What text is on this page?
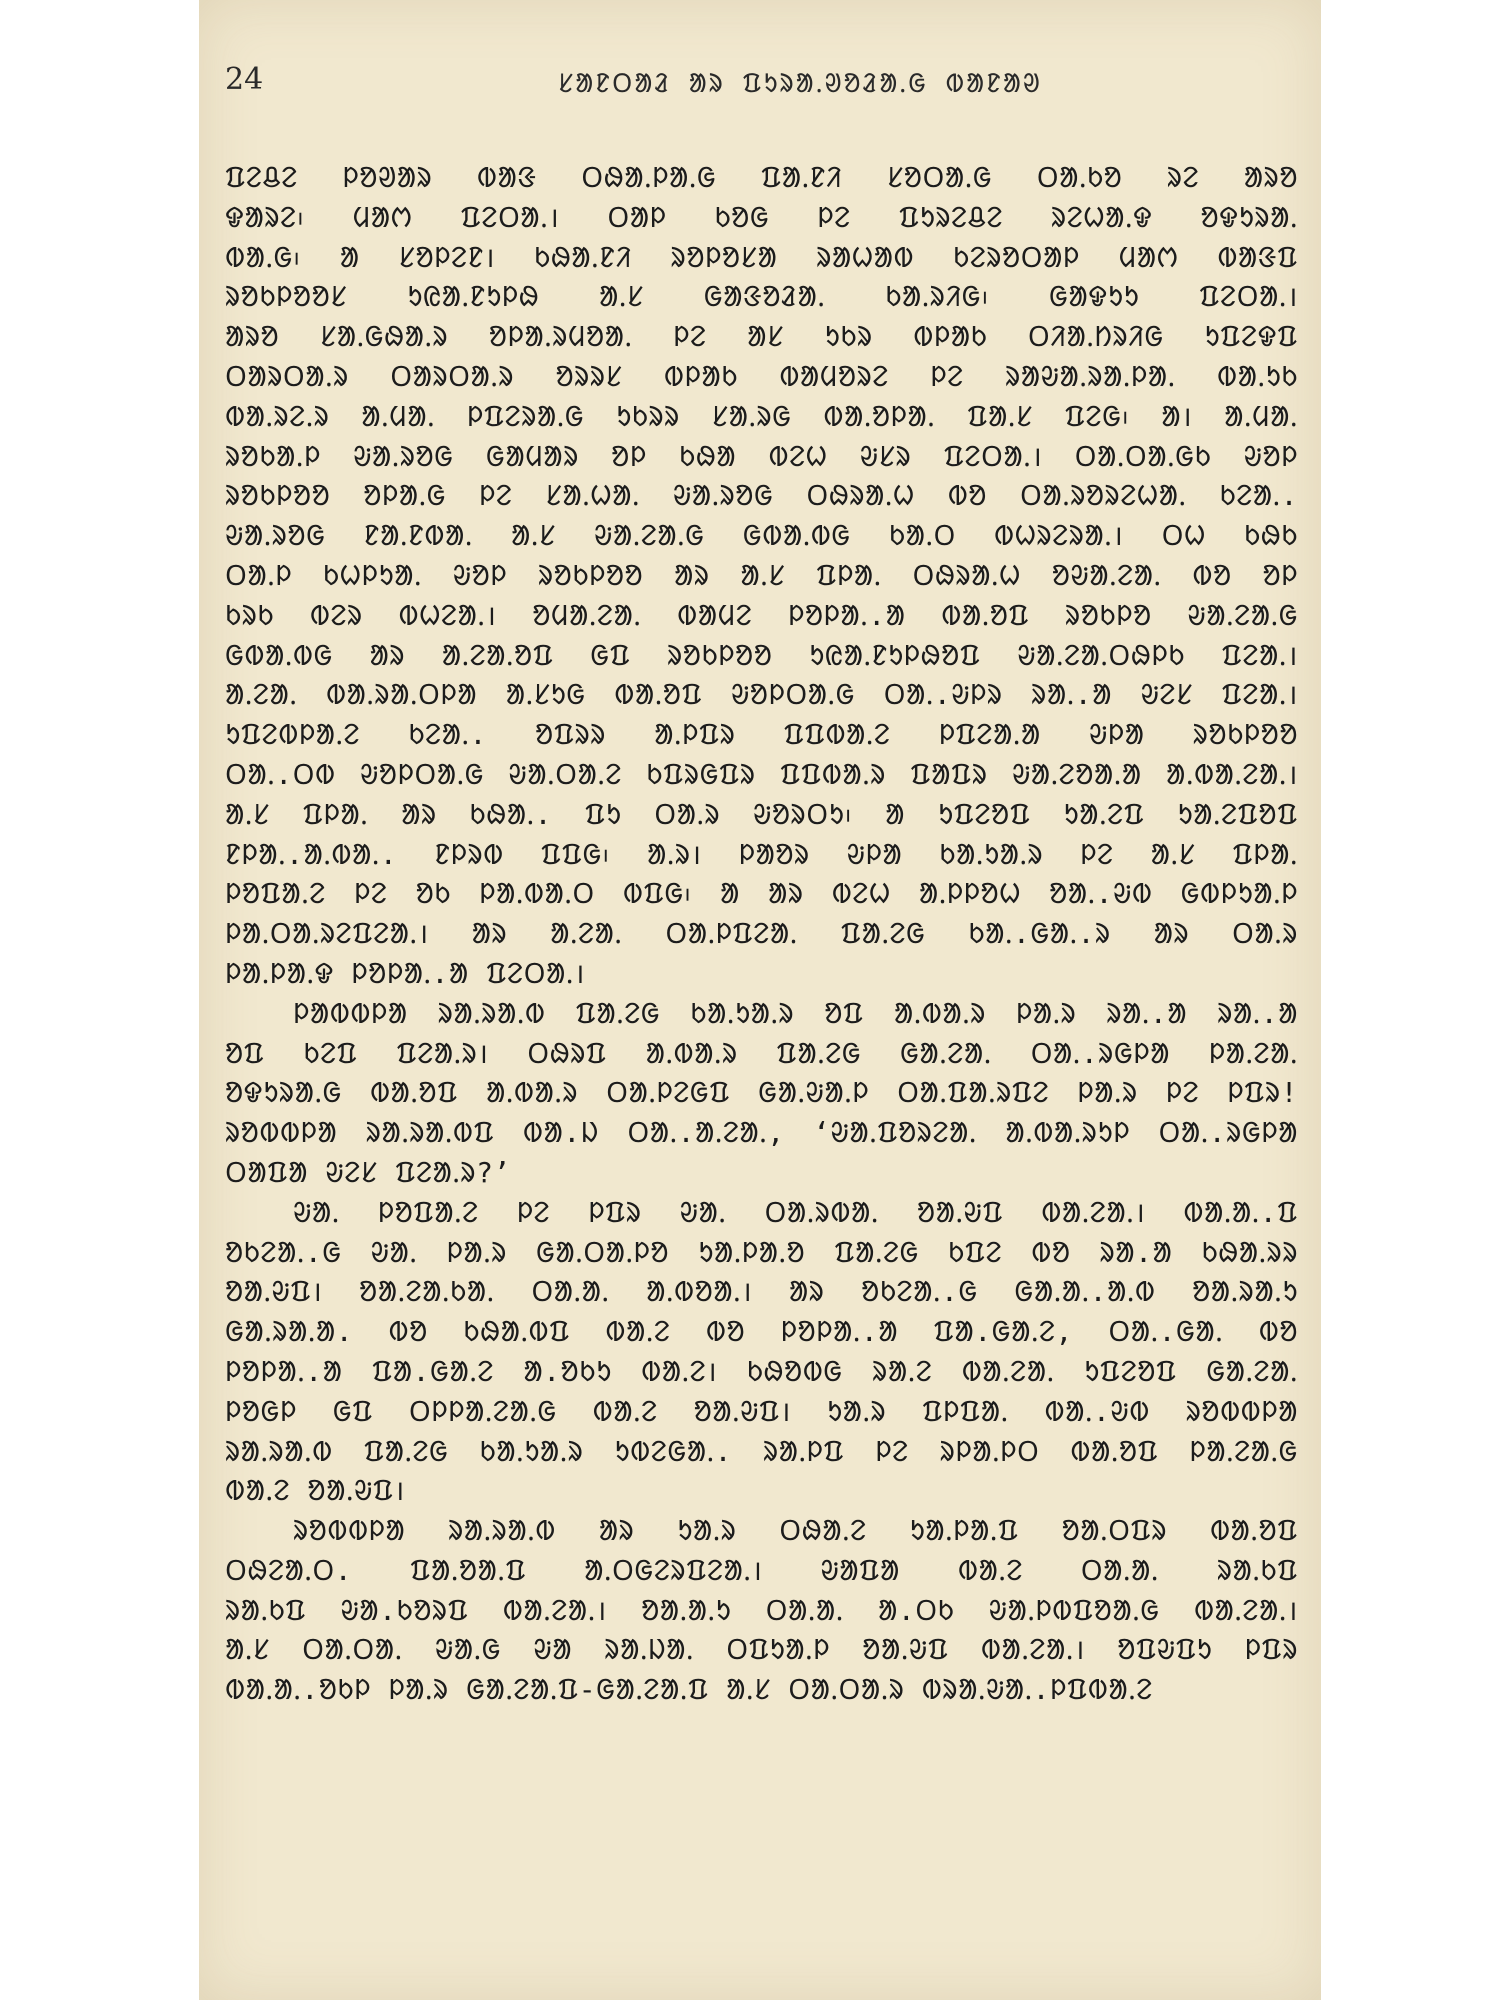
24	ᱥᱟᱱᱛᱟᱲ ᱟᱨ ᱯᱩᱨᱟᱹᱣᱚᱲᱟᱹᱜ ᱵᱟᱱᱟᱣ
ᱯᱮᱪᱮ ᱞᱚᱣᱟᱨ ᱵᱟᱝ ᱛᱷᱟᱹᱞᱟᱹᱜ ᱯᱟᱹᱱᱤ ᱥᱚᱛᱟᱹᱜ ᱛᱟᱹᱠᱚ ᱨᱮ ᱟᱨᱚ
ᱫᱟᱨᱮ᱾ ᱢᱟᱬ ᱯᱮᱛᱟᱹ। ᱛᱟᱞ ᱠᱚᱜ ᱞᱮ ᱯᱩᱨᱮᱪᱮ ᱨᱮᱦᱟᱹᱫ ᱚᱫᱩᱨᱟᱹ
ᱵᱟᱹᱜ᱾ ᱟ ᱥᱚᱞᱮᱱ। ᱠᱷᱟᱹᱱᱤ ᱨᱚᱞᱚᱥᱟ ᱨᱟᱦᱟᱵ ᱠᱮᱨᱚᱛᱟᱞ ᱢᱟᱬ ᱵᱟᱝᱯ
ᱨᱚᱠᱞᱚᱚᱥ ᱩᱭᱟᱹᱱᱩᱞᱷ ᱟᱹᱥ ᱜᱟᱝᱚᱲᱟᱹ ᱠᱟᱹᱨᱤᱜ᱾ ᱜᱟᱫᱩᱩ ᱯᱮᱛᱟᱹ।
ᱟᱨᱚ ᱥᱟᱹᱜᱷᱟᱹᱨ ᱚᱞᱟᱹᱨᱢᱚᱟᱹ ᱞᱮ ᱟᱥ ᱩᱠᱨ ᱵᱞᱟᱠ ᱛᱤᱟᱹᱴᱨᱤᱜ ᱩᱯᱮᱫᱯ
ᱛᱟᱨᱛᱟᱹᱨ ᱛᱟᱨᱛᱟᱹᱨ ᱚᱨᱨᱥ ᱵᱞᱟᱠ ᱵᱟᱢᱚᱨᱮ ᱞᱮ ᱨᱟᱶᱟᱹᱨᱟᱹᱞᱟᱹ ᱵᱟᱹᱩᱠ
ᱵᱟᱹᱨᱮᱹᱨ ᱟᱹᱢᱟᱹ ᱞᱯᱮᱨᱟᱹᱜ ᱩᱠᱨᱨ ᱥᱟᱹᱨᱜ ᱵᱟᱹᱚᱞᱟᱹ ᱯᱟᱹᱥ ᱯᱮᱜ᱾ ᱟ। ᱟᱹᱢᱟᱹ
ᱨᱚᱠᱟᱹᱞ ᱶᱟᱹᱨᱚᱜ ᱜᱟᱢᱟᱨ ᱚᱞ ᱠᱷᱟ ᱵᱮᱦ ᱶᱥᱨ ᱯᱮᱛᱟᱹ। ᱛᱟᱹᱛᱟᱹᱜᱠ ᱶᱚᱞ
ᱨᱚᱠᱞᱚᱚ ᱚᱞᱟᱹᱜ ᱞᱮ ᱥᱟᱹᱦᱟᱹ ᱶᱟᱹᱨᱚᱜ ᱛᱷᱨᱟᱹᱦ ᱵᱚ ᱛᱟᱹᱨᱚᱨᱮᱦᱟᱹ ᱠᱮᱟᱹ.
ᱶᱟᱹᱨᱚᱜ ᱱᱟᱹᱱᱵᱟᱹ ᱟᱹᱥ ᱶᱟᱹᱮᱟᱹᱜ ᱜᱵᱟᱹᱵᱜ ᱠᱟᱹᱛ ᱵᱦᱨᱮᱨᱟᱹ। ᱛᱦ ᱠᱷᱠ
ᱛᱟᱹᱞ ᱠᱦᱞᱩᱟᱹ ᱶᱚᱞ ᱨᱚᱠᱞᱚᱚ ᱟᱨ ᱟᱹᱥ ᱯᱞᱟᱹ ᱛᱷᱨᱟᱹᱦ ᱚᱶᱟᱹᱮᱟᱹ ᱵᱚ ᱚᱞ
ᱠᱨᱠ ᱵᱮᱨ ᱵᱦᱮᱟᱹ। ᱚᱢᱟᱹᱮᱟᱹ ᱵᱟᱢᱮ ᱞᱚᱞᱟᱹ.ᱟ ᱵᱟᱹᱚᱯ ᱨᱚᱠᱞᱚ ᱶᱟᱹᱮᱟᱹᱜ
ᱜᱵᱟᱹᱵᱜ ᱟᱨ ᱟᱹᱮᱟᱹᱚᱯ ᱜᱯ ᱨᱚᱠᱞᱚᱚ ᱩᱭᱟᱹᱱᱩᱞᱷᱚᱯ ᱶᱟᱹᱮᱟᱹᱛᱷᱞᱠ ᱯᱮᱟᱹ।
ᱟᱹᱮᱟᱹ ᱵᱟᱹᱨᱟᱹᱛᱞᱟ ᱟᱹᱥᱩᱜ ᱵᱟᱹᱚᱯ ᱶᱚᱞᱛᱟᱹᱜ ᱛᱟᱹ.ᱶᱞᱨ ᱨᱟᱹ.ᱟ ᱶᱮᱥ ᱯᱮᱟᱹ।
ᱩᱯᱮᱵᱞᱟᱹᱮ ᱠᱮᱟᱹ. ᱚᱯᱨᱨ ᱟᱹᱞᱯᱨ ᱯᱯᱵᱟᱹᱮ ᱞᱯᱮᱟᱹᱟ ᱶᱞᱟ ᱨᱚᱠᱞᱚᱚ
ᱛᱟᱹ.ᱛᱵ ᱶᱚᱞᱛᱟᱹᱜ ᱶᱟᱹᱛᱟᱹᱮ ᱠᱯᱨᱜᱯᱨ ᱯᱯᱵᱟᱹᱨ ᱯᱟᱯᱨ ᱶᱟᱹᱮᱚᱟᱹᱟ ᱟᱹᱵᱟᱹᱮᱟᱹ।
ᱟᱹᱥ ᱯᱞᱟᱹ ᱟᱨ ᱠᱷᱟᱹ. ᱯᱩ ᱛᱟᱹᱨ ᱶᱚᱨᱛᱩ᱾ ᱟ ᱩᱯᱮᱚᱯ ᱩᱟᱹᱮᱯ ᱩᱟᱹᱮᱯᱚᱯ
ᱱᱞᱟᱹ.ᱟᱹᱵᱟᱹ. ᱱᱞᱨᱵ ᱯᱯᱜ᱾ ᱟᱹᱨ। ᱞᱟᱚᱨ ᱶᱞᱟ ᱠᱟᱹᱩᱟᱹᱨ ᱞᱮ ᱟᱹᱥ ᱯᱞᱟᱹ
ᱞᱚᱯᱟᱹᱮ ᱞᱮ ᱚᱠ ᱞᱟᱹᱵᱟᱹᱛ ᱵᱯᱜ᱾ ᱟ ᱟᱨ ᱵᱮᱦ ᱟᱹᱞᱞᱚᱦ ᱚᱟᱹ.ᱶᱵ ᱜᱵᱞᱩᱟᱹᱞ
ᱞᱟᱹᱛᱟᱹᱨᱮᱯᱮᱟᱹ। ᱟᱨ ᱟᱹᱮᱟᱹ ᱛᱟᱹᱞᱯᱮᱟᱹ ᱯᱟᱹᱮᱜ ᱠᱟᱹ.ᱜᱟᱹ.ᱨ ᱟᱨ ᱛᱟᱹᱨ
ᱞᱟᱹᱞᱟᱹᱫ ᱞᱚᱞᱟᱹ.ᱟ ᱯᱮᱛᱟᱹ।
ᱞᱟᱵᱵᱞᱟ ᱨᱟᱹᱨᱟᱹᱵ ᱯᱟᱹᱮᱜ ᱠᱟᱹᱩᱟᱹᱨ ᱚᱯ ᱟᱹᱵᱟᱹᱨ ᱞᱟᱹᱨ ᱨᱟᱹ.ᱟ ᱨᱟᱹ.ᱟ
ᱚᱯ ᱠᱮᱯ ᱯᱮᱟᱹᱨ। ᱛᱷᱨᱯ ᱟᱹᱵᱟᱹᱨ ᱯᱟᱹᱮᱜ ᱜᱟᱹᱮᱟᱹ ᱛᱟᱹ.ᱨᱜᱞᱟ ᱞᱟᱹᱮᱟᱹ
ᱚᱫᱩᱨᱟᱹᱜ ᱵᱟᱹᱚᱯ ᱟᱹᱵᱟᱹᱨ ᱛᱟᱹᱞᱮᱜᱯ ᱜᱟᱹᱶᱟᱹᱞ ᱛᱟᱹᱯᱟᱹᱨᱯᱮ ᱞᱟᱹᱨ ᱞᱮ ᱞᱯᱨ!
ᱨᱚᱵᱵᱞᱟ ᱨᱟᱹᱨᱟᱹᱵᱯ ᱵᱟ.ᱡ ᱛᱟᱹ.ᱟᱹᱮᱟᱹ, ‘ᱶᱟᱹᱯᱚᱨᱮᱟᱹ ᱟᱹᱵᱟᱹᱨᱩᱞ ᱛᱟᱹ.ᱨᱜᱞᱟ
ᱛᱟᱯᱟ ᱶᱮᱥ ᱯᱮᱟᱹᱨ?’
ᱶᱟᱹ ᱞᱚᱯᱟᱹᱮ ᱞᱮ ᱞᱯᱨ ᱶᱟᱹ ᱛᱟᱹᱨᱵᱟᱹ ᱚᱟᱹᱶᱯ ᱵᱟᱹᱮᱟᱹ। ᱵᱟᱹᱟᱹ.ᱯ
ᱚᱠᱮᱟᱹ.ᱜ ᱶᱟᱹ ᱞᱟᱹᱨ ᱜᱟᱹᱛᱟᱹᱞᱚ ᱩᱟᱹᱞᱟᱹᱚ ᱯᱟᱹᱮᱜ ᱠᱯᱮ ᱵᱚ ᱨᱟ.ᱟ ᱠᱷᱟᱹᱨᱨ
ᱚᱟᱹᱶᱯ। ᱚᱟᱹᱮᱟᱹᱠᱟᱹ ᱛᱟᱹᱟᱹ ᱟᱹᱵᱚᱟᱹ। ᱟᱨ ᱚᱠᱮᱟᱹ.ᱜ ᱜᱟᱹᱟᱹ.ᱟᱹᱵ ᱚᱟᱹᱨᱟᱹᱩ
ᱜᱟᱹᱨᱟᱹᱟ. ᱵᱚ ᱠᱷᱟᱹᱵᱯ ᱵᱟᱹᱮ ᱵᱚ ᱞᱚᱞᱟᱹ.ᱟ ᱯᱟ.ᱜᱟᱹᱮ, ᱛᱟᱹ.ᱜᱟᱹ ᱵᱚ
ᱞᱚᱞᱟᱹ.ᱟ ᱯᱟ.ᱜᱟᱹᱮ ᱟ.ᱚᱠᱩ ᱵᱟᱹᱮ। ᱠᱷᱚᱵᱜ ᱨᱟᱹᱮ ᱵᱟᱹᱮᱟᱹ ᱩᱯᱮᱚᱯ ᱜᱟᱹᱮᱟᱹ
ᱞᱚᱜᱞ ᱜᱯ ᱛᱞᱞᱟᱹᱮᱟᱹᱜ ᱵᱟᱹᱮ ᱚᱟᱹᱶᱯ। ᱩᱟᱹᱨ ᱯᱞᱯᱟᱹ ᱵᱟᱹ.ᱶᱵ ᱨᱚᱵᱵᱞᱟ
ᱨᱟᱹᱨᱟᱹᱵ ᱯᱟᱹᱮᱜ ᱠᱟᱹᱩᱟᱹᱨ ᱩᱵᱮᱜᱟᱹ. ᱨᱟᱹᱞᱯ ᱞᱮ ᱨᱞᱟᱹᱞᱛ ᱵᱟᱹᱚᱯ ᱞᱟᱹᱮᱟᱹᱜ
ᱵᱟᱹᱮ ᱚᱟᱹᱶᱯ।
ᱨᱚᱵᱵᱞᱟ ᱨᱟᱹᱨᱟᱹᱵ ᱟᱨ ᱩᱟᱹᱨ ᱛᱷᱟᱹᱮ ᱩᱟᱹᱞᱟᱹᱯ ᱚᱟᱹᱛᱯᱨ ᱵᱟᱹᱚᱯ
ᱛᱷᱮᱟᱹᱛ. ᱯᱟᱹᱚᱟᱹᱯ ᱟᱹᱛᱜᱮᱨᱯᱮᱟᱹ। ᱶᱟᱯᱟ ᱵᱟᱹᱮ ᱛᱟᱹᱟᱹ ᱨᱟᱹᱠᱯ
ᱨᱟᱹᱠᱯ ᱶᱟ.ᱠᱚᱨᱯ ᱵᱟᱹᱮᱟᱹ। ᱚᱟᱹᱟᱹᱩ ᱛᱟᱹᱟᱹ ᱟ.ᱛᱠ ᱶᱟᱹᱞᱵᱯᱚᱟᱹᱜ ᱵᱟᱹᱮᱟᱹ।
ᱟᱹᱥ ᱛᱟᱹᱛᱟᱹ ᱶᱟᱹᱜ ᱶᱟ ᱨᱟᱹᱡᱟᱹ ᱛᱯᱩᱟᱹᱞ ᱚᱟᱹᱶᱯ ᱵᱟᱹᱮᱟᱹ। ᱚᱯᱶᱯᱩ ᱞᱯᱨ
ᱵᱟᱹᱟᱹ.ᱚᱠᱞ ᱞᱟᱹᱨ ᱜᱟᱹᱮᱟᱹᱯ-ᱜᱟᱹᱮᱟᱹᱯ ᱟᱹᱥ ᱛᱟᱹᱛᱟᱹᱨ ᱵᱨᱟᱹᱶᱟᱹ.ᱞᱯᱵᱟᱹᱮ
